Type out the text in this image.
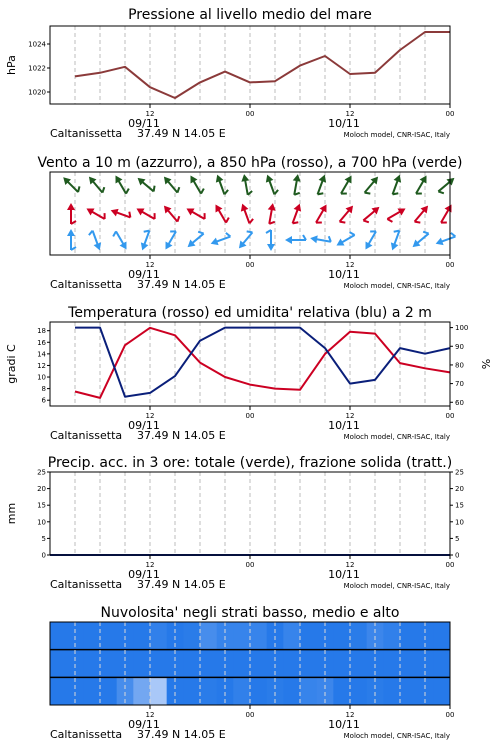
Pressione al livello medio del mare
1020
1022
1024
hPa
12	00	12	00
09/11	10/11
Caltanissetta 37.49 N 14.05 E	Moloch model, CNR-ISAC, Italy
Vento a 10 m (azzurro), a 850 hPa (rosso), a 700 hPa (verde)
12	00	12	00
09/11	10/11
Caltanissetta 37.49 N 14.05 E	Moloch model, CNR-ISAC, Italy
Temperatura (rosso) ed umidita' relativa (blu) a 2 m
6
8
10
12
14
16
18
gradi C
60
70
80
90
100
%
12	00	12	00
09/11	10/11
Caltanissetta 37.49 N 14.05 E	Moloch model, CNR-ISAC, Italy
Precip. acc. in 3 ore: totale (verde), frazione solida (tratt.)
0
5
10
15
20
25
mm
0
5
10
15
20
25
12	00	12	00
09/11	10/11
Caltanissetta 37.49 N 14.05 E	Moloch model, CNR-ISAC, Italy
Nuvolosita' negli strati basso, medio e alto
12	00	12	00
09/11	10/11
Caltanissetta 37.49 N 14.05 E	Moloch model, CNR-ISAC, Italy
